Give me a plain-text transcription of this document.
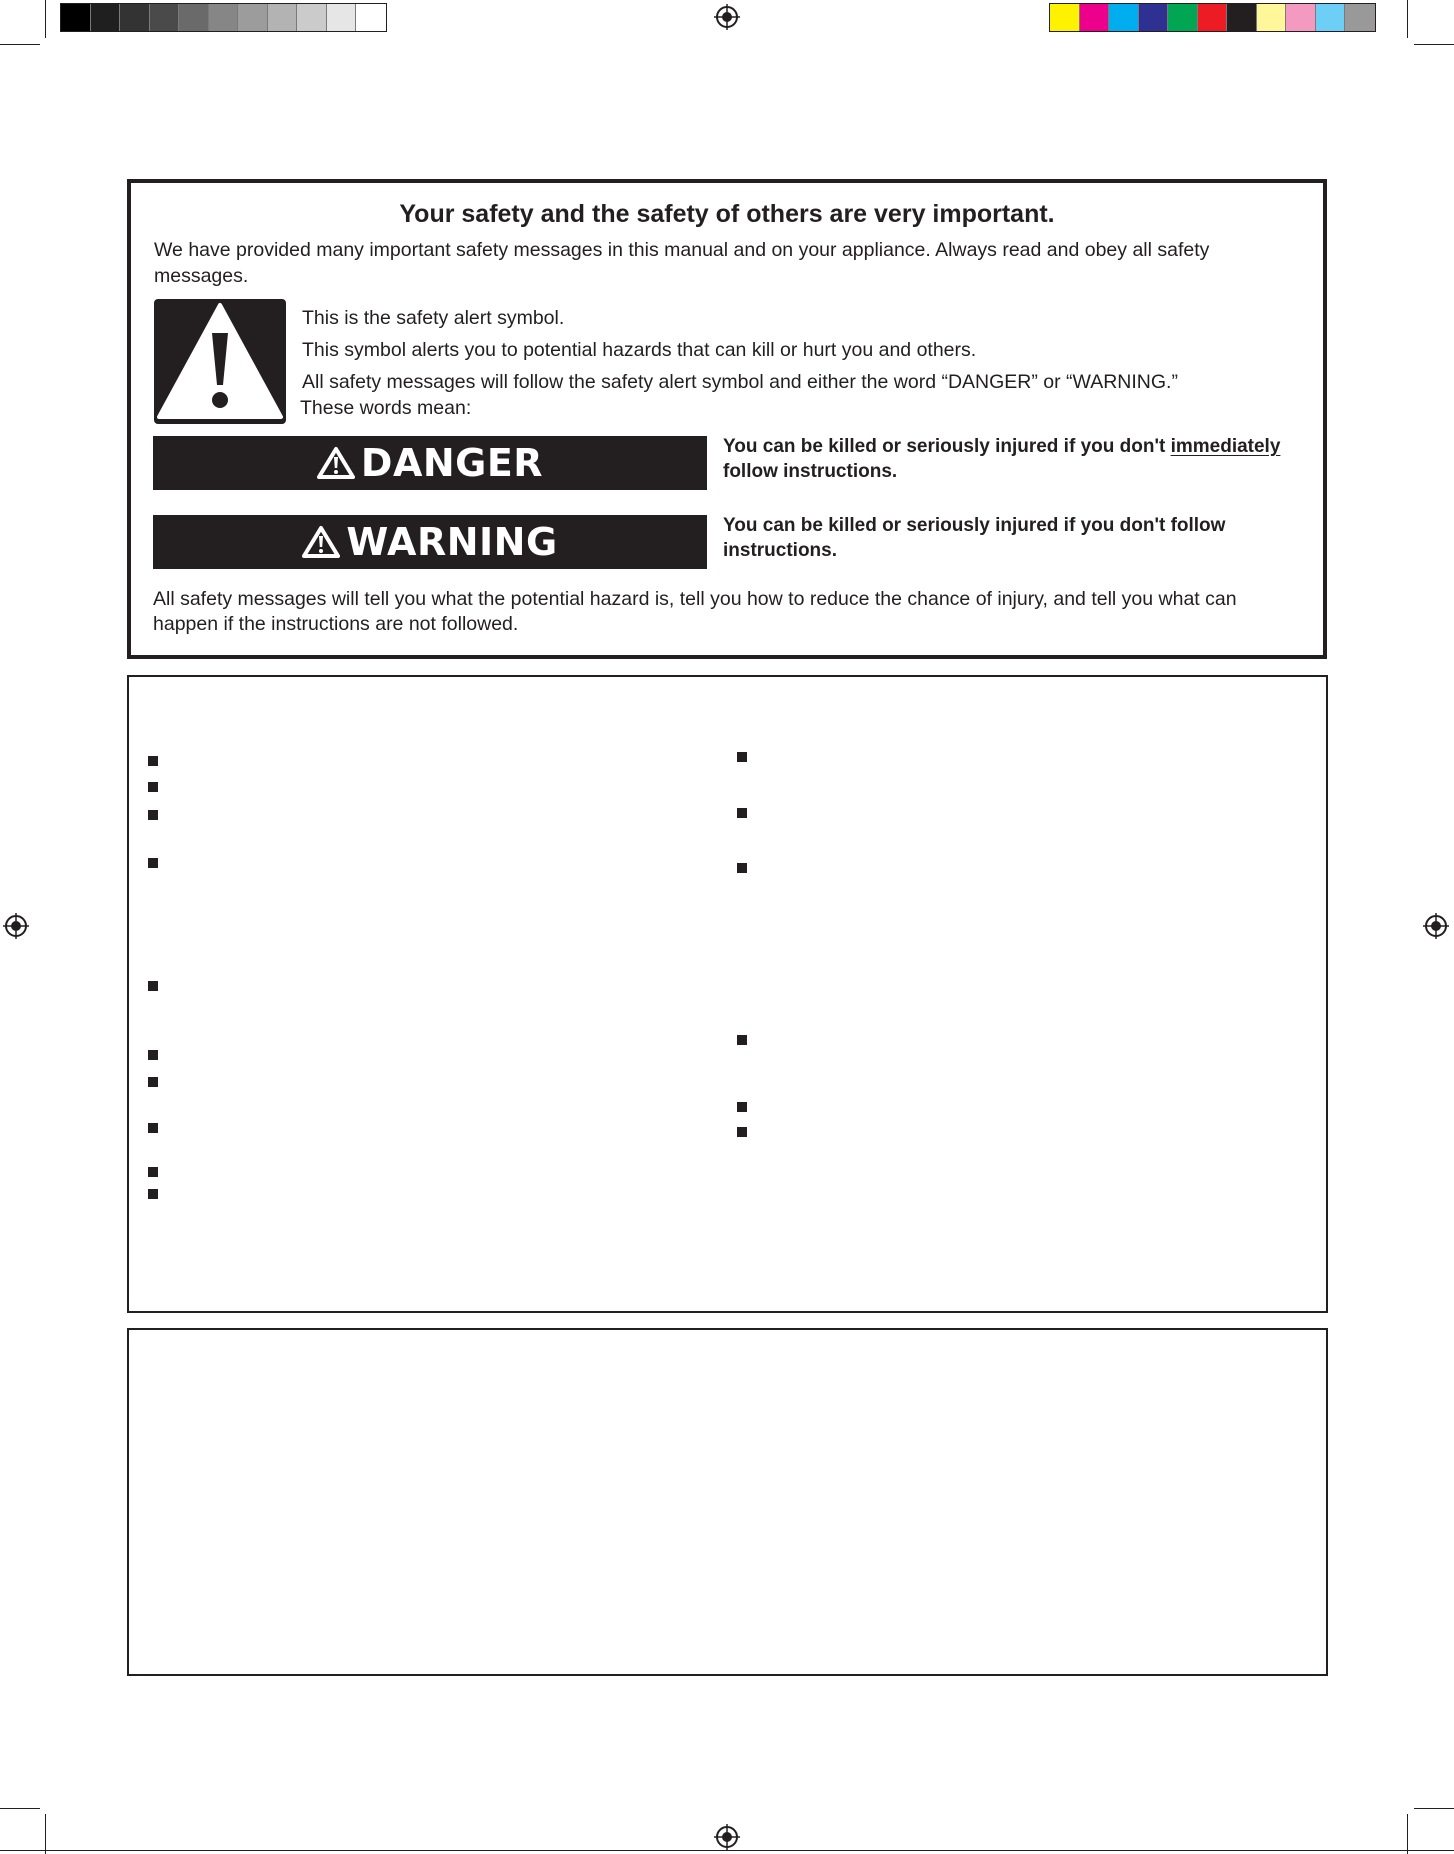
Your safety and the safety of others are very important.
We have provided many important safety messages in this manual and on your appliance. Always read and obey all safety
messages.
This is the safety alert symbol.
This symbol alerts you to potential hazards that can kill or hurt you and others.
All safety messages will follow the safety alert symbol and either the word “DANGER” or “WARNING.”
These words mean:
DANGER	You can be killed or seriously injured if you don't immediately
follow instructions.
WARNING	You can be killed or seriously injured if you don't follow
instructions.
All safety messages will tell you what the potential hazard is, tell you how to reduce the chance of injury, and tell you what can
happen if the instructions are not followed.
